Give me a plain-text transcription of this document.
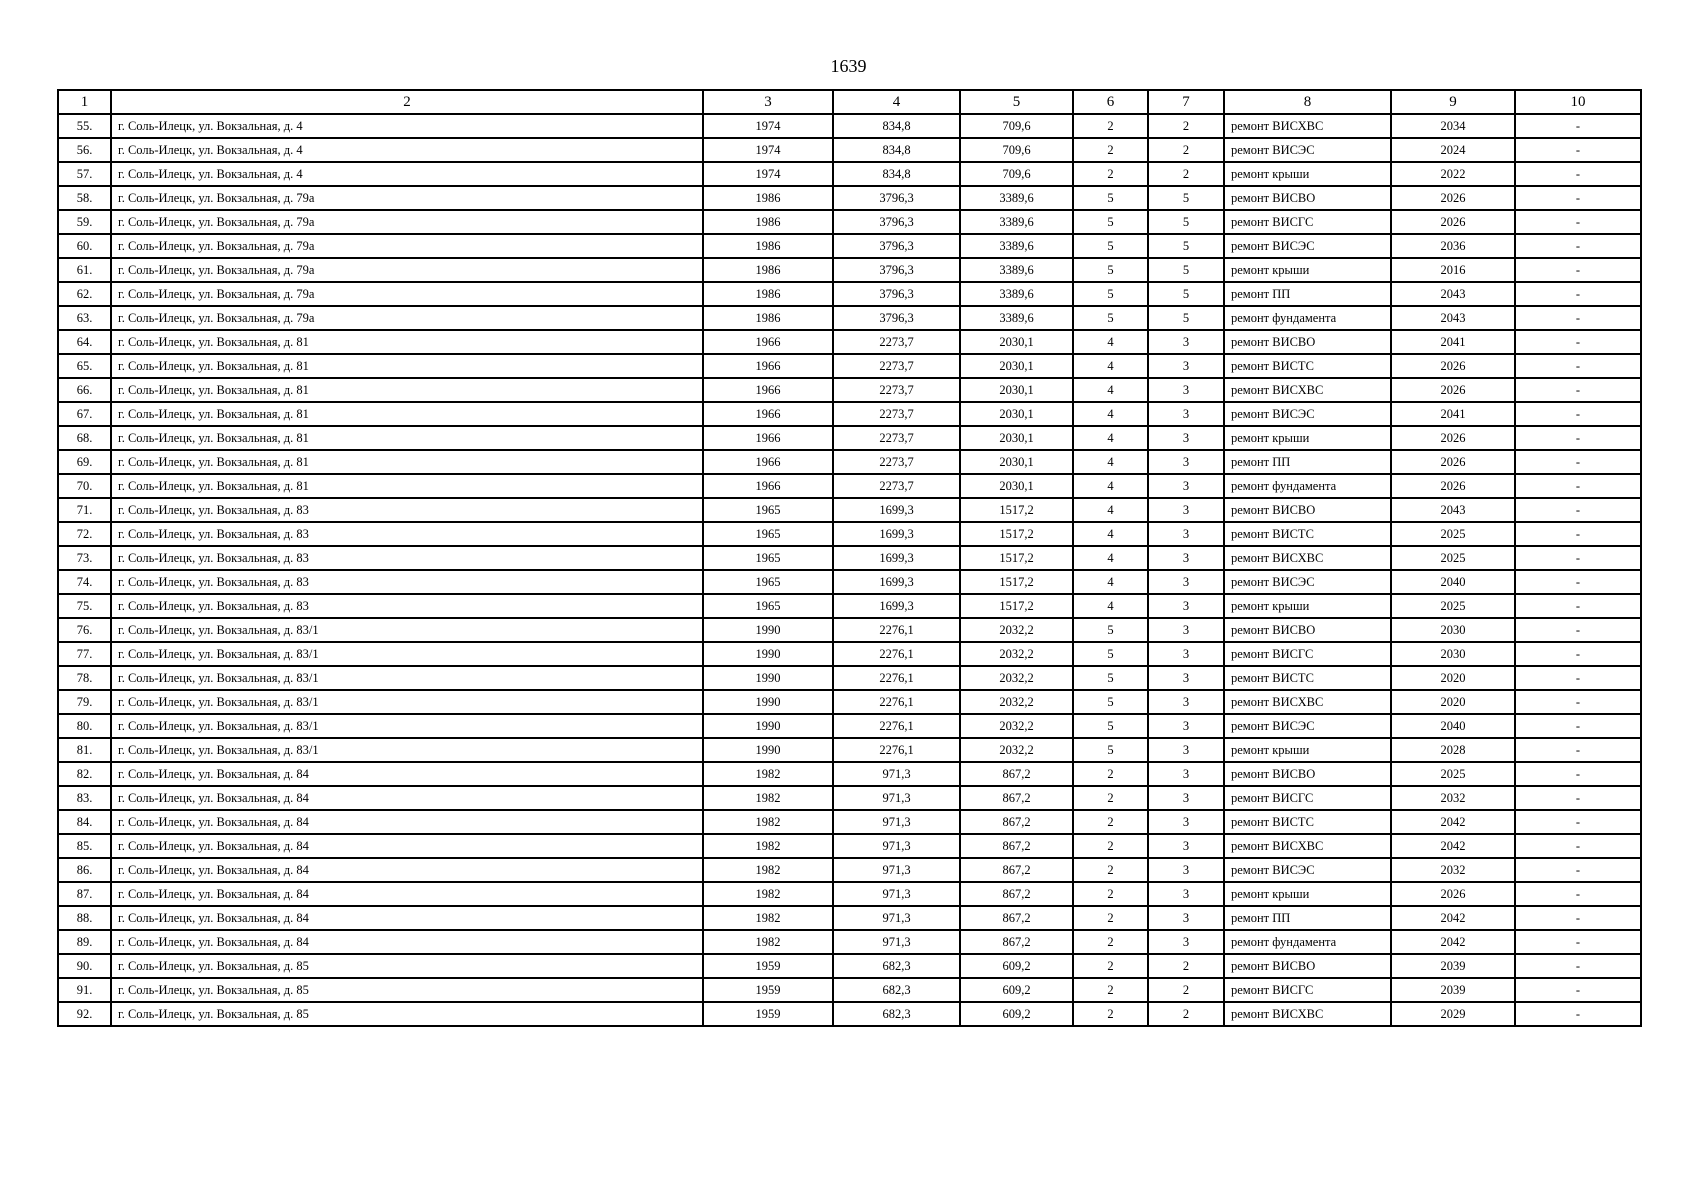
1639
1	2	3	4	5	6	7	8	9	10
55.	г. Соль-Илецк, ул. Вокзальная, д. 4	1974	834,8	709,6	2	2	ремонт ВИСХВС	2034	-
56.	г. Соль-Илецк, ул. Вокзальная, д. 4	1974	834,8	709,6	2	2	ремонт ВИСЭС	2024	-
57.	г. Соль-Илецк, ул. Вокзальная, д. 4	1974	834,8	709,6	2	2	ремонт крыши	2022	-
58.	г. Соль-Илецк, ул. Вокзальная, д. 79а	1986	3796,3	3389,6	5	5	ремонт ВИСВО	2026	-
59.	г. Соль-Илецк, ул. Вокзальная, д. 79а	1986	3796,3	3389,6	5	5	ремонт ВИСГС	2026	-
60.	г. Соль-Илецк, ул. Вокзальная, д. 79а	1986	3796,3	3389,6	5	5	ремонт ВИСЭС	2036	-
61.	г. Соль-Илецк, ул. Вокзальная, д. 79а	1986	3796,3	3389,6	5	5	ремонт крыши	2016	-
62.	г. Соль-Илецк, ул. Вокзальная, д. 79а	1986	3796,3	3389,6	5	5	ремонт ПП	2043	-
63.	г. Соль-Илецк, ул. Вокзальная, д. 79а	1986	3796,3	3389,6	5	5	ремонт фундамента	2043	-
64.	г. Соль-Илецк, ул. Вокзальная, д. 81	1966	2273,7	2030,1	4	3	ремонт ВИСВО	2041	-
65.	г. Соль-Илецк, ул. Вокзальная, д. 81	1966	2273,7	2030,1	4	3	ремонт ВИСТС	2026	-
66.	г. Соль-Илецк, ул. Вокзальная, д. 81	1966	2273,7	2030,1	4	3	ремонт ВИСХВС	2026	-
67.	г. Соль-Илецк, ул. Вокзальная, д. 81	1966	2273,7	2030,1	4	3	ремонт ВИСЭС	2041	-
68.	г. Соль-Илецк, ул. Вокзальная, д. 81	1966	2273,7	2030,1	4	3	ремонт крыши	2026	-
69.	г. Соль-Илецк, ул. Вокзальная, д. 81	1966	2273,7	2030,1	4	3	ремонт ПП	2026	-
70.	г. Соль-Илецк, ул. Вокзальная, д. 81	1966	2273,7	2030,1	4	3	ремонт фундамента	2026	-
71.	г. Соль-Илецк, ул. Вокзальная, д. 83	1965	1699,3	1517,2	4	3	ремонт ВИСВО	2043	-
72.	г. Соль-Илецк, ул. Вокзальная, д. 83	1965	1699,3	1517,2	4	3	ремонт ВИСТС	2025	-
73.	г. Соль-Илецк, ул. Вокзальная, д. 83	1965	1699,3	1517,2	4	3	ремонт ВИСХВС	2025	-
74.	г. Соль-Илецк, ул. Вокзальная, д. 83	1965	1699,3	1517,2	4	3	ремонт ВИСЭС	2040	-
75.	г. Соль-Илецк, ул. Вокзальная, д. 83	1965	1699,3	1517,2	4	3	ремонт крыши	2025	-
76.	г. Соль-Илецк, ул. Вокзальная, д. 83/1	1990	2276,1	2032,2	5	3	ремонт ВИСВО	2030	-
77.	г. Соль-Илецк, ул. Вокзальная, д. 83/1	1990	2276,1	2032,2	5	3	ремонт ВИСГС	2030	-
78.	г. Соль-Илецк, ул. Вокзальная, д. 83/1	1990	2276,1	2032,2	5	3	ремонт ВИСТС	2020	-
79.	г. Соль-Илецк, ул. Вокзальная, д. 83/1	1990	2276,1	2032,2	5	3	ремонт ВИСХВС	2020	-
80.	г. Соль-Илецк, ул. Вокзальная, д. 83/1	1990	2276,1	2032,2	5	3	ремонт ВИСЭС	2040	-
81.	г. Соль-Илецк, ул. Вокзальная, д. 83/1	1990	2276,1	2032,2	5	3	ремонт крыши	2028	-
82.	г. Соль-Илецк, ул. Вокзальная, д. 84	1982	971,3	867,2	2	3	ремонт ВИСВО	2025	-
83.	г. Соль-Илецк, ул. Вокзальная, д. 84	1982	971,3	867,2	2	3	ремонт ВИСГС	2032	-
84.	г. Соль-Илецк, ул. Вокзальная, д. 84	1982	971,3	867,2	2	3	ремонт ВИСТС	2042	-
85.	г. Соль-Илецк, ул. Вокзальная, д. 84	1982	971,3	867,2	2	3	ремонт ВИСХВС	2042	-
86.	г. Соль-Илецк, ул. Вокзальная, д. 84	1982	971,3	867,2	2	3	ремонт ВИСЭС	2032	-
87.	г. Соль-Илецк, ул. Вокзальная, д. 84	1982	971,3	867,2	2	3	ремонт крыши	2026	-
88.	г. Соль-Илецк, ул. Вокзальная, д. 84	1982	971,3	867,2	2	3	ремонт ПП	2042	-
89.	г. Соль-Илецк, ул. Вокзальная, д. 84	1982	971,3	867,2	2	3	ремонт фундамента	2042	-
90.	г. Соль-Илецк, ул. Вокзальная, д. 85	1959	682,3	609,2	2	2	ремонт ВИСВО	2039	-
91.	г. Соль-Илецк, ул. Вокзальная, д. 85	1959	682,3	609,2	2	2	ремонт ВИСГС	2039	-
92.	г. Соль-Илецк, ул. Вокзальная, д. 85	1959	682,3	609,2	2	2	ремонт ВИСХВС	2029	-
